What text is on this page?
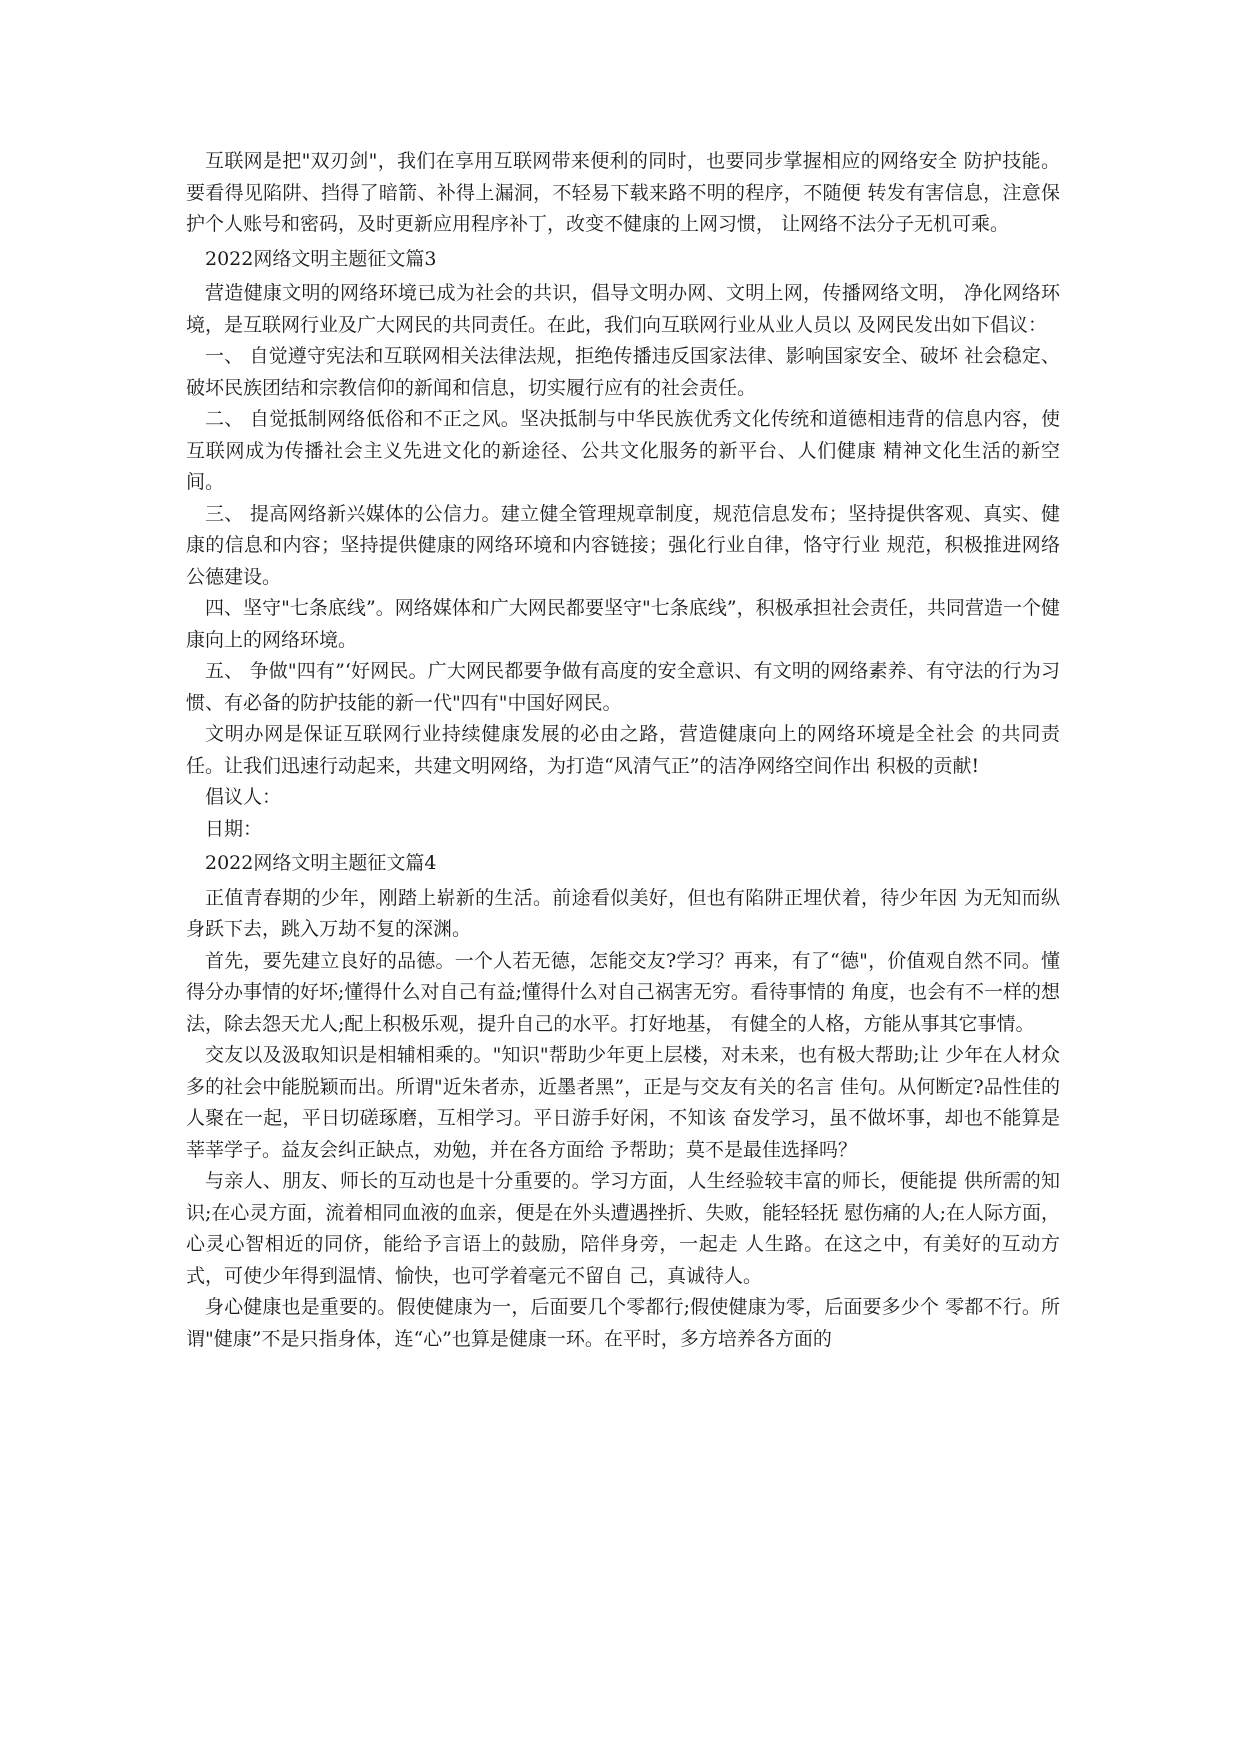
互联网是把"双刃剑"，我们在享用互联网带来便利的同时，也要同步掌握相应的网络安全 防护技能。要看得见陷阱、挡得了暗箭、补得上漏洞，不轻易下载来路不明的程序，不随便 转发有害信息，注意保护个人账号和密码，及时更新应用程序补丁，改变不健康的上网习惯， 让网络不法分子无机可乘。

2022网络文明主题征文篇3

营造健康文明的网络环境已成为社会的共识，倡导文明办网、文明上网，传播网络文明， 净化网络环境，是互联网行业及广大网民的共同责任。在此，我们向互联网行业从业人员以 及网民发出如下倡议：

一、 自觉遵守宪法和互联网相关法律法规，拒绝传播违反国家法律、影响国家安全、破坏 社会稳定、破坏民族团结和宗教信仰的新闻和信息，切实履行应有的社会责任。

二、 自觉抵制网络低俗和不正之风。坚决抵制与中华民族优秀文化传统和道德相违背的信息内容，使互联网成为传播社会主义先进文化的新途径、公共文化服务的新平台、人们健康 精神文化生活的新空间。

三、 提高网络新兴媒体的公信力。建立健全管理规章制度，规范信息发布；坚持提供客观、真实、健康的信息和内容；坚持提供健康的网络环境和内容链接；强化行业自律，恪守行业 规范，积极推进网络公德建设。

四、坚守"七条底线”。网络媒体和广大网民都要坚守"七条底线”，积极承担社会责任，共同营造一个健康向上的网络环境。

五、 争做"四有”‘好网民。广大网民都要争做有高度的安全意识、有文明的网络素养、有守法的行为习惯、有必备的防护技能的新一代"四有"中国好网民。

文明办网是保证互联网行业持续健康发展的必由之路，营造健康向上的网络环境是全社会 的共同责任。让我们迅速行动起来，共建文明网络，为打造“风清气正”的洁净网络空间作出 积极的贡献!

倡议人：

日期：

2022网络文明主题征文篇4

正值青春期的少年，刚踏上崭新的生活。前途看似美好，但也有陷阱正埋伏着，待少年因 为无知而纵身跃下去，跳入万劫不复的深渊。

首先，要先建立良好的品德。一个人若无德，怎能交友?学习？再来，有了“德"，价值观自然不同。懂得分办事情的好坏;懂得什么对自己有益;懂得什么对自己祸害无穷。看待事情的 角度，也会有不一样的想法，除去怨天尤人;配上积极乐观，提升自己的水平。打好地基， 有健全的人格，方能从事其它事情。

交友以及汲取知识是相辅相乘的。"知识"帮助少年更上层楼，对未来，也有极大帮助;让 少年在人材众多的社会中能脱颖而出。所谓"近朱者赤，近墨者黑”，正是与交友有关的名言 佳句。从何断定?品性佳的人聚在一起，平日切磋琢磨，互相学习。平日游手好闲，不知该 奋发学习，虽不做坏事，却也不能算是莘莘学子。益友会纠正缺点，劝勉，并在各方面给 予帮助；莫不是最佳选择吗？

与亲人、朋友、师长的互动也是十分重要的。学习方面，人生经验较丰富的师长，便能提 供所需的知识;在心灵方面，流着相同血液的血亲，便是在外头遭遇挫折、失败，能轻轻抚 慰伤痛的人;在人际方面，心灵心智相近的同侪，能给予言语上的鼓励，陪伴身旁，一起走 人生路。在这之中，有美好的互动方式，可使少年得到温情、愉快，也可学着毫元不留自 己，真诚待人。

身心健康也是重要的。假使健康为一，后面要几个零都行;假使健康为零，后面要多少个 零都不行。所谓"健康”不是只指身体，连“心”也算是健康一环。在平时，多方培养各方面的
